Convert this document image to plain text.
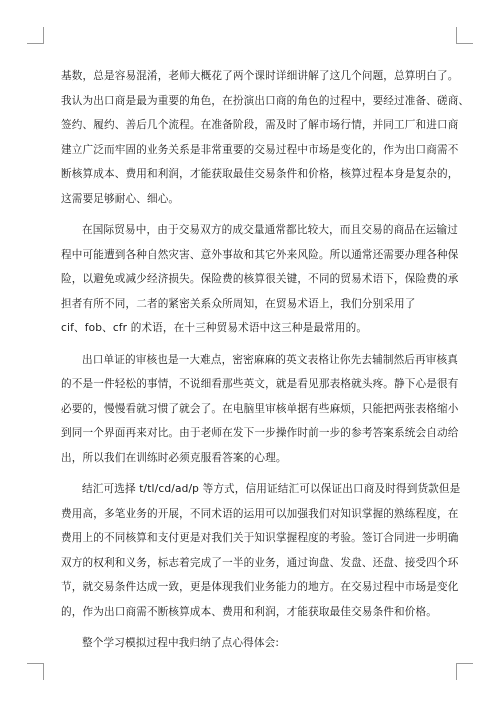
基数，总是容易混淆，老师大概花了两个课时详细讲解了这几个问题，总算明白了。
我认为出口商是最为重要的角色，在扮演出口商的角色的过程中，要经过准备、磋商、
签约、履约、善后几个流程。在准备阶段，需及时了解市场行情，并同工厂和进口商
建立广泛而牢固的业务关系是非常重要的交易过程中市场是变化的，作为出口商需不
断核算成本、费用和利润，才能获取最佳交易条件和价格，核算过程本身是复杂的，
这需要足够耐心、细心。
在国际贸易中，由于交易双方的成交量通常都比较大，而且交易的商品在运输过
程中可能遭到各种自然灾害、意外事故和其它外来风险。所以通常还需要办理各种保
险，以避免或减少经济损失。保险费的核算很关键，不同的贸易术语下，保险费的承
担者有所不同，二者的紧密关系众所周知，在贸易术语上，我们分别采用了
cif、fob、cfr 的术语，在十三种贸易术语中这三种是最常用的。
出口单证的审核也是一大难点，密密麻麻的英文表格让你先去辅制然后再审核真
的不是一件轻松的事情，不说细看那些英文，就是看见那表格就头疼。静下心是很有
必要的，慢慢看就习惯了就会了。在电脑里审核单据有些麻烦，只能把两张表格缩小
到同一个界面再来对比。由于老师在发下一步操作时前一步的参考答案系统会自动给
出，所以我们在训练时必须克服看答案的心理。
结汇可选择 t/tl/cd/ad/p 等方式，信用证结汇可以保证出口商及时得到货款但是
费用高，多笔业务的开展，不同术语的运用可以加强我们对知识掌握的熟练程度，在
费用上的不同核算和支付更是对我们关于知识掌握程度的考验。签订合同进一步明确
双方的权利和义务，标志着完成了一半的业务，通过询盘、发盘、还盘、接受四个环
节，就交易条件达成一致，更是体现我们业务能力的地方。在交易过程中市场是变化
的，作为出口商需不断核算成本、费用和利润，才能获取最佳交易条件和价格。
整个学习模拟过程中我归纳了点心得体会:
